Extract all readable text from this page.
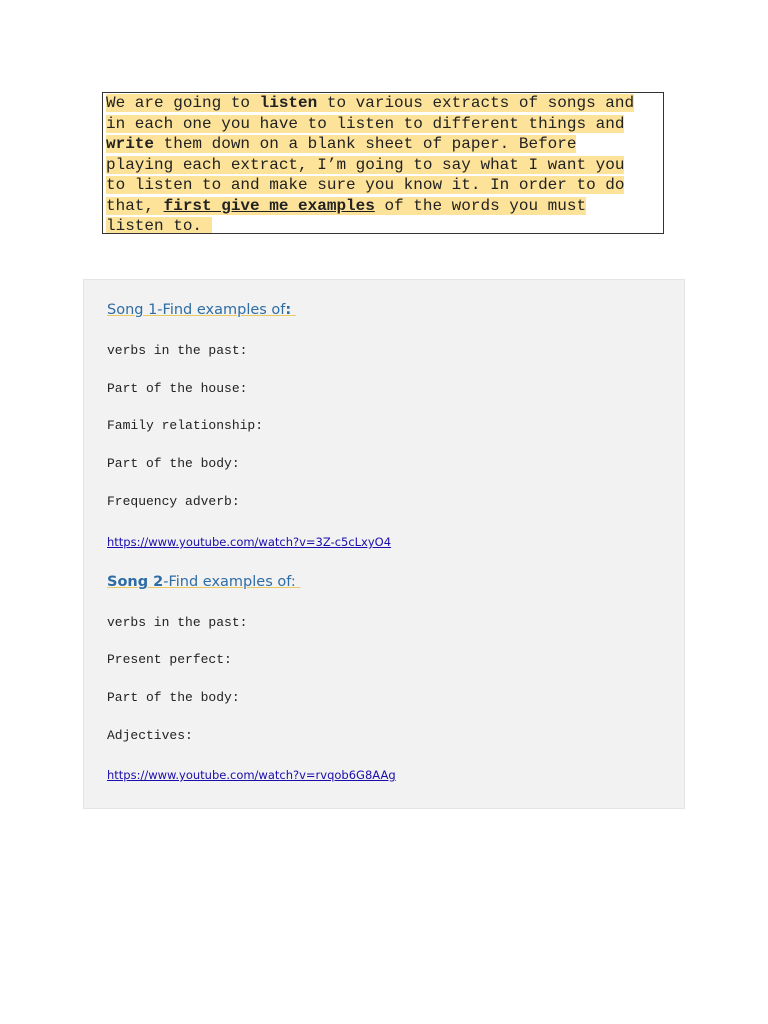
We are going to listen to various extracts of songs and
in each one you have to listen to different things and
write them down on a blank sheet of paper. Before
playing each extract, I’m going to say what I want you
to listen to and make sure you know it. In order to do
that, first give me examples of the words you must
listen to.
Song 1-Find examples of:
verbs in the past:
Part of the house:
Family relationship:
Part of the body:
Frequency adverb:
https://www.youtube.com/watch?v=3Z-c5cLxyO4
Song 2-Find examples of:
verbs in the past:
Present perfect:
Part of the body:
Adjectives:
https://www.youtube.com/watch?v=rvqob6G8AAg
